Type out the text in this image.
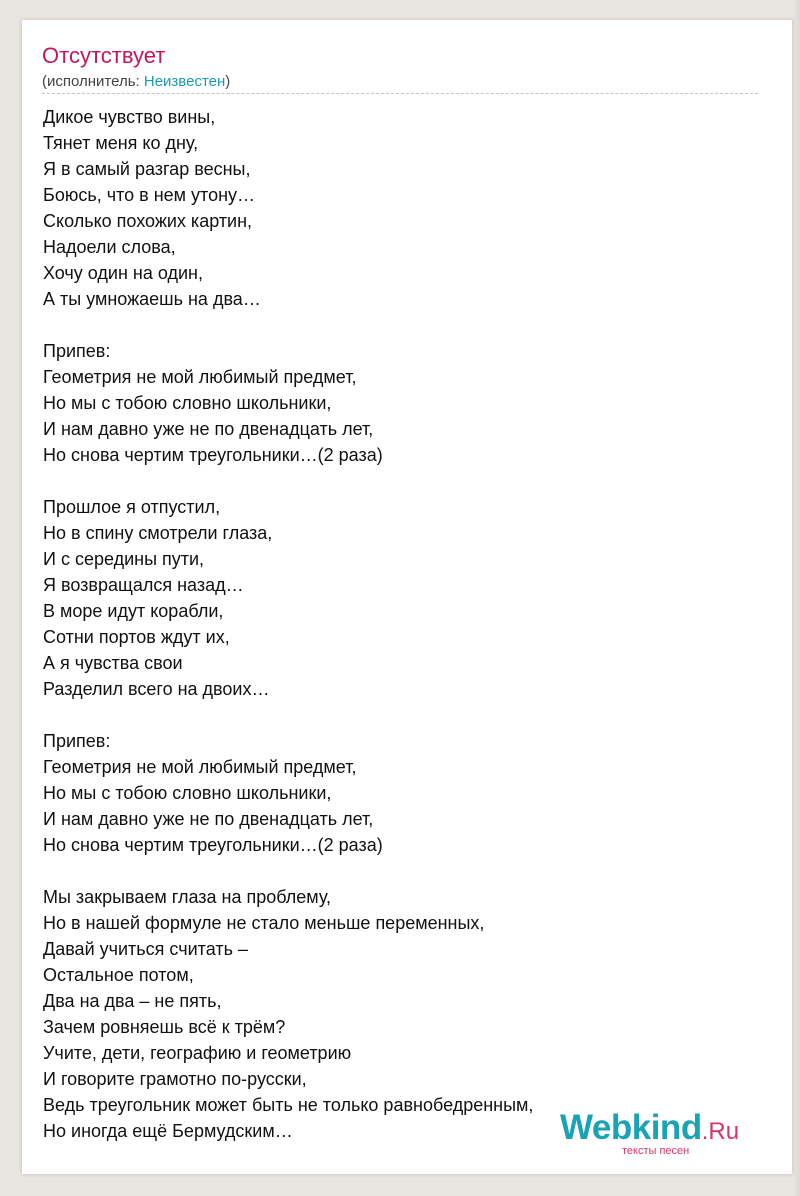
Отсутствует
(исполнитель: Неизвестен)
Дикое чувство вины,
Тянет меня ко дну,
Я в самый разгар весны,
Боюсь, что в нем утону…
Сколько похожих картин,
Надоели слова,
Хочу один на один,
А ты умножаешь на два…
Припев:
Геометрия не мой любимый предмет,
Но мы с тобою словно школьники,
И нам давно уже не по двенадцать лет,
Но снова чертим треугольники…(2 раза)
Прошлое я отпустил,
Но в спину смотрели глаза,
И с середины пути,
Я возвращался назад…
В море идут корабли,
Сотни портов ждут их,
А я чувства свои
Разделил всего на двоих…
Припев:
Геометрия не мой любимый предмет,
Но мы с тобою словно школьники,
И нам давно уже не по двенадцать лет,
Но снова чертим треугольники…(2 раза)
Мы закрываем глаза на проблему,
Но в нашей формуле не стало меньше переменных,
Давай учиться считать –
Остальное потом,
Два на два – не пять,
Зачем ровняешь всё к трём?
Учите, дети, географию и геометрию
И говорите грамотно по-русски,
Ведь треугольник может быть не только равнобедренным,
Но иногда ещё Бермудским…	Webkind.Ru
тексты песен
